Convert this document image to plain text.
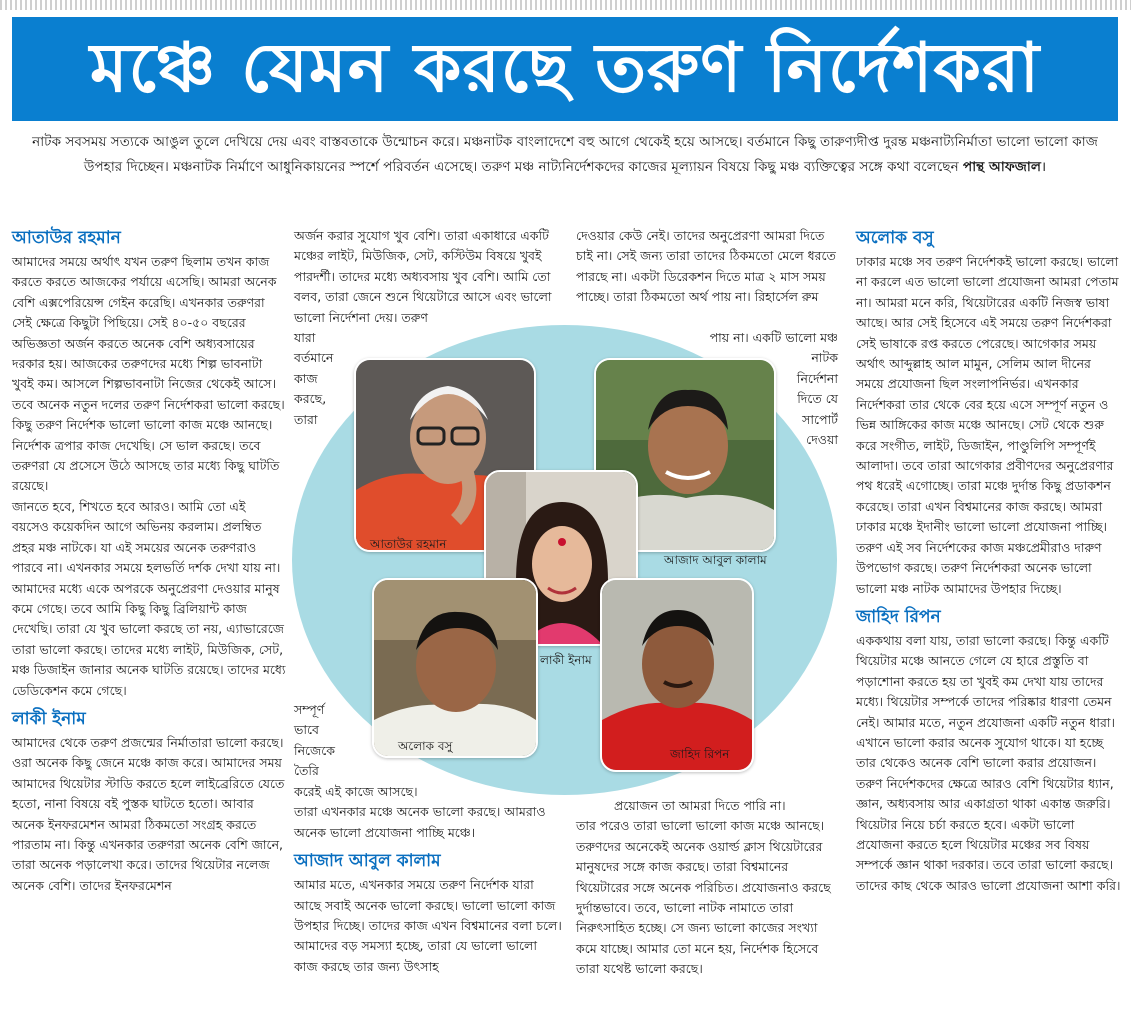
মঞ্চে যেমন করছে তরুণ নির্দেশকরা

নাটক সবসময় সত্যকে আঙুল তুলে দেখিয়ে দেয় এবং বাস্তবতাকে উন্মোচন করে। মঞ্চনাটক বাংলাদেশে বহু আগে থেকেই হয়ে আসছে। বর্তমানে কিছু তারুণ্যদীপ্ত দুরন্ত মঞ্চনাট্যনির্মাতা ভালো ভালো কাজ উপহার দিচ্ছেন। মঞ্চনাটক নির্মাণে আধুনিকায়নের স্পর্শে পরিবর্তন এসেছে। তরুণ মঞ্চ নাট্যনির্দেশকদের কাজের মূল্যায়ন বিষয়ে কিছু মঞ্চ ব্যক্তিত্বের সঙ্গে কথা বলেছেন পান্থ আফজাল।

আতাউর রহমান

আমাদের সময়ে অর্থাৎ যখন তরুণ ছিলাম তখন কাজ করতে করতে আজকের পর্যায়ে এসেছি। আমরা অনেক বেশি এক্সপেরিয়েন্স গেইন করেছি। এখনকার তরুণরা সেই ক্ষেত্রে কিছুটা পিছিয়ে। সেই ৪০-৫০ বছরের অভিজ্ঞতা অর্জন করতে অনেক বেশি অধ্যবসায়ের দরকার হয়। আজকের তরুণদের মধ্যে শিল্প ভাবনাটা খুবই কম। আসলে শিল্পভাবনাটা নিজের থেকেই আসে। তবে অনেক নতুন দলের তরুণ নির্দেশকরা ভালো করছে। কিছু তরুণ নির্দেশক ভালো ভালো কাজ মঞ্চে আনছে। নির্দেশক ত্রপার কাজ দেখেছি। সে ভাল করছে। তবে তরুণরা যে প্রসেসে উঠে আসছে তার মধ্যে কিছু ঘাটতি রয়েছে।

জানতে হবে, শিখতে হবে আরও। আমি তো এই বয়সেও কয়েকদিন আগে অভিনয় করলাম। প্রলম্বিত প্রহর মঞ্চ নাটকে। যা এই সময়ের অনেক তরুণরাও পারবে না। এখনকার সময়ে হলভর্তি দর্শক দেখা যায় না। আমাদের মধ্যে একে অপরকে অনুপ্রেরণা দেওয়ার মানুষ কমে গেছে। তবে আমি কিছু কিছু ব্রিলিয়ান্ট কাজ দেখেছি। তারা যে খুব ভালো করছে তা নয়, এ্যাভারেজে তারা ভালো করছে। তাদের মধ্যে লাইট, মিউজিক, সেট, মঞ্চ ডিজাইন জানার অনেক ঘাটতি রয়েছে। তাদের মধ্যে ডেডিকেশন কমে গেছে।

লাকী ইনাম

আমাদের থেকে তরুণ প্রজন্মের নির্মাতারা ভালো করছে। ওরা অনেক কিছু জেনে মঞ্চে কাজ করে। আমাদের সময় আমাদের থিয়েটার স্টাডি করতে হলে লাইব্রেরিতে যেতে হতো, নানা বিষয়ে বই পুস্তক ঘাটতে হতো। আবার অনেক ইনফরমেশন আমরা ঠিকমতো সংগ্রহ করতে পারতাম না। কিন্তু এখনকার তরুণরা অনেক বেশি জানে, তারা অনেক পড়ালেখা করে। তাদের থিয়েটার নলেজ অনেক বেশি। তাদের ইনফরমেশন

অর্জন করার সুযোগ খুব বেশি। তারা একাধারে একটি মঞ্চের লাইট, মিউজিক, সেট, কস্টিউম বিষয়ে খুবই পারদর্শী। তাদের মধ্যে অধ্যবসায় খুব বেশি। আমি তো বলব, তারা জেনে শুনে থিয়েটারে আসে এবং ভালো ভালো নির্দেশনা দেয়। তরুণ

যারা

বর্তমানে

কাজ

করছে,

তারা

সম্পূর্ণ

ভাবে

নিজেকে

তৈরি

করেই এই কাজে আসছে।

তারা এখনকার মঞ্চে অনেক ভালো করছে। আমরাও অনেক ভালো প্রযোজনা পাচ্ছি মঞ্চে।

আজাদ আবুল কালাম

আমার মতে, এখনকার সময়ে তরুণ নির্দেশক যারা আছে সবাই অনেক ভালো করছে। ভালো ভালো কাজ উপহার দিচ্ছে। তাদের কাজ এখন বিশ্বমানের বলা চলে। আমাদের বড় সমস্যা হচ্ছে, তারা যে ভালো ভালো কাজ করছে তার জন্য উৎসাহ

দেওয়ার কেউ নেই। তাদের অনুপ্রেরণা আমরা দিতে চাই না। সেই জন্য তারা তাদের ঠিকমতো মেলে ধরতে পারছে না। একটা ডিরেকশন দিতে মাত্র ২ মাস সময় পাচ্ছে। তারা ঠিকমতো অর্থ পায় না। রিহার্সেল রুম

পায় না। একটি ভালো মঞ্চ

নাটক

নির্দেশনা

দিতে যে

সাপোর্ট

দেওয়া

প্রয়োজন তা আমরা দিতে পারি না।

তার পরেও তারা ভালো ভালো কাজ মঞ্চে আনছে। তরুণদের অনেকেই অনেক ওয়ার্ল্ড ক্লাস থিয়েটারের মানুষদের সঙ্গে কাজ করছে। তারা বিশ্বমানের থিয়েটারের সঙ্গে অনেক পরিচিত। প্রযোজনাও করছে দুর্দান্তভাবে। তবে, ভালো নাটক নামাতে তারা নিরুৎসাহিত হচ্ছে। সে জন্য ভালো কাজের সংখ্যা কমে যাচ্ছে। আমার তো মনে হয়, নির্দেশক হিসেবে তারা যথেষ্ট ভালো করছে।

অলোক বসু

ঢাকার মঞ্চে সব তরুণ নির্দেশকই ভালো করছে। ভালো না করলে এত ভালো ভালো প্রযোজনা আমরা পেতাম না। আমরা মনে করি, থিয়েটারের একটি নিজস্ব ভাষা আছে। আর সেই হিসেবে এই সময়ে তরুণ নির্দেশকরা সেই ভাষাকে রপ্ত করতে পেরেছে। আগেকার সময় অর্থাৎ আব্দুল্লাহ আল মামুন, সেলিম আল দীনের সময়ে প্রযোজনা ছিল সংলাপনির্ভর। এখনকার নির্দেশকরা তার থেকে বের হয়ে এসে সম্পূর্ণ নতুন ও ভিন্ন আঙ্গিকের কাজ মঞ্চে আনছে। সেট থেকে শুরু করে সংগীত, লাইট, ডিজাইন, পাণ্ডুলিপি সম্পূর্ণই আলাদা। তবে তারা আগেকার প্রবীণদের অনুপ্রেরণার পথ ধরেই এগোচ্ছে। তারা মঞ্চে দুর্দান্ত কিছু প্রডাকশন করেছে। তারা এখন বিশ্বমানের কাজ করছে। আমরা ঢাকার মঞ্চে ইদানীং ভালো ভালো প্রযোজনা পাচ্ছি। তরুণ এই সব নির্দেশকের কাজ মঞ্চপ্রেমীরাও দারুণ উপভোগ করছে। তরুণ নির্দেশকরা অনেক ভালো ভালো মঞ্চ নাটক আমাদের উপহার দিচ্ছে।

জাহিদ রিপন

এককথায় বলা যায়, তারা ভালো করছে। কিন্তু একটি থিয়েটার মঞ্চে আনতে গেলে যে হারে প্রস্তুতি বা পড়াশোনা করতে হয় তা খুবই কম দেখা যায় তাদের মধ্যে। থিয়েটার সম্পর্কে তাদের পরিষ্কার ধারণা তেমন নেই। আমার মতে, নতুন প্রযোজনা একটি নতুন ধারা। এখানে ভালো করার অনেক সুযোগ থাকে। যা হচ্ছে তার থেকেও অনেক বেশি ভালো করার প্রয়োজন।

তরুণ নির্দেশকদের ক্ষেত্রে আরও বেশি থিয়েটার ধ্যান, জ্ঞান, অধ্যবসায় আর একাগ্রতা থাকা একান্ত জরুরি। থিয়েটার নিয়ে চর্চা করতে হবে। একটা ভালো প্রযোজনা করতে হলে থিয়েটার মঞ্চের সব বিষয় সম্পর্কে জ্ঞান থাকা দরকার। তবে তারা ভালো করছে। তাদের কাছ থেকে আরও ভালো প্রযোজনা আশা করি।

আতাউর রহমান
আজাদ আবুল কালাম
লাকী ইনাম
অলোক বসু
জাহিদ রিপন
